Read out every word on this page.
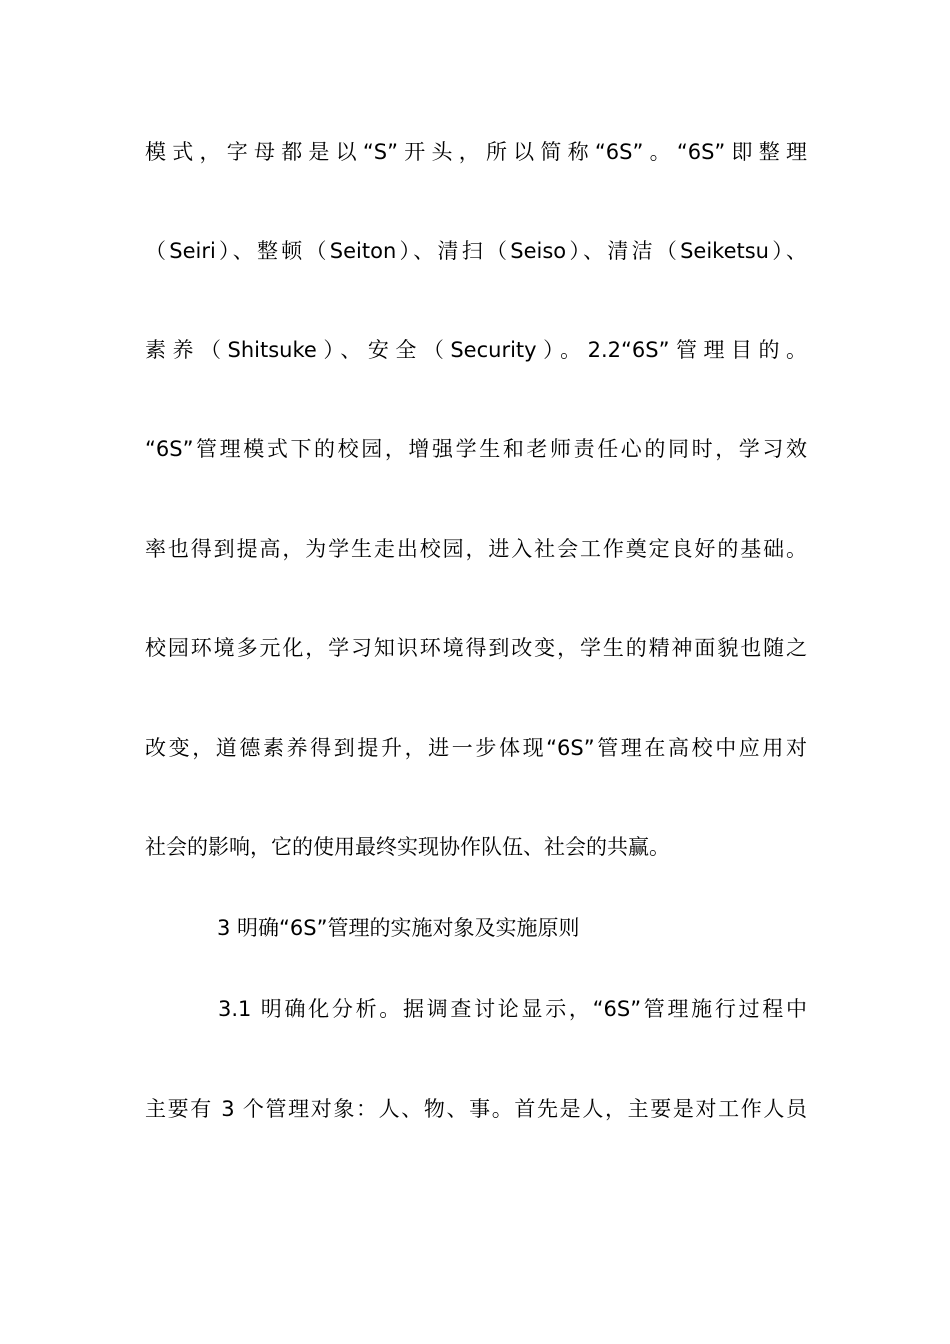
模式，字母都是以“S”开头，所以简称“6S”。“6S”即整理
（Seiri）、整顿（Seiton）、清扫（Seiso）、清洁（Seiketsu）、
素养（Shitsuke）、安全（Security）。2.2“6S”管理目的。
“6S”管理模式下的校园，增强学生和老师责任心的同时，学习效
率也得到提高，为学生走出校园，进入社会工作奠定良好的基础。
校园环境多元化，学习知识环境得到改变，学生的精神面貌也随之
改变，道德素养得到提升，进一步体现“6S”管理在高校中应用对
社会的影响，它的使用最终实现协作队伍、社会的共赢。
3 明确“6S”管理的实施对象及实施原则
3.1 明确化分析。据调查讨论显示，“6S”管理施行过程中
主要有 3 个管理对象：人、物、事。首先是人，主要是对工作人员
